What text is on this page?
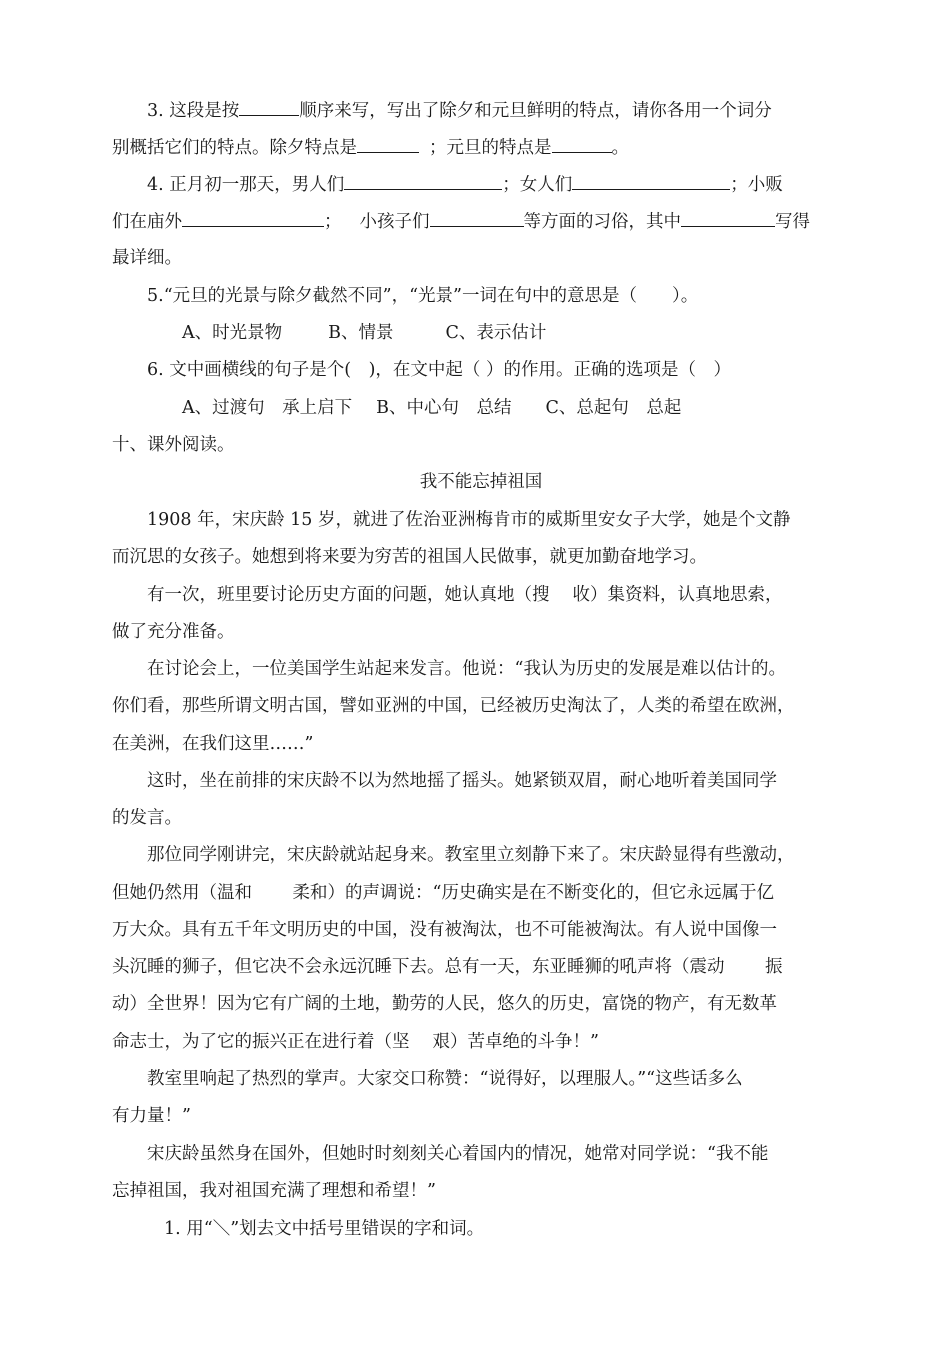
3. 这段是按	顺序来写，写出了除夕和元旦鲜明的特点，请你各用一个词分
别概括它们的特点。除夕特点是	；元旦的特点是	。
4. 正月初一那天，男人们	；女人们	；小贩
们在庙外	； 小孩子们	等方面的习俗，其中	写得
最详细。
5.“元旦的光景与除夕截然不同”，“光景”一词在句中的意思是（　　）。
A、时光景物	B、情景	C、表示估计
6. 文中画横线的句子是个(　)，在文中起（ ）的作用。正确的选项是（　）
A、过渡句　承上启下 B、中心句　总结 C、总起句　总起
十、课外阅读。
我不能忘掉祖国
1908 年，宋庆龄 15 岁，就进了佐治亚洲梅肯市的威斯里安女子大学，她是个文静
而沉思的女孩子。她想到将来要为穷苦的祖国人民做事，就更加勤奋地学习。
有一次，班里要讨论历史方面的问题，她认真地（搜　 收）集资料，认真地思索，
做了充分准备。
在讨论会上，一位美国学生站起来发言。他说：“我认为历史的发展是难以估计的。
你们看，那些所谓文明古国，譬如亚洲的中国，已经被历史淘汰了，人类的希望在欧洲，
在美洲，在我们这里……”
这时，坐在前排的宋庆龄不以为然地摇了摇头。她紧锁双眉，耐心地听着美国同学
的发言。
那位同学刚讲完，宋庆龄就站起身来。教室里立刻静下来了。宋庆龄显得有些激动，
但她仍然用（温和　　 柔和）的声调说：“历史确实是在不断变化的，但它永远属于亿
万大众。具有五千年文明历史的中国，没有被淘汰，也不可能被淘汰。有人说中国像一
头沉睡的狮子，但它决不会永远沉睡下去。总有一天，东亚睡狮的吼声将（震动　　 振
动）全世界！因为它有广阔的土地，勤劳的人民，悠久的历史，富饶的物产，有无数革
命志士，为了它的振兴正在进行着（坚　 艰）苦卓绝的斗争！”
教室里响起了热烈的掌声。大家交口称赞：“说得好，以理服人。”“这些话多么
有力量！”
宋庆龄虽然身在国外，但她时时刻刻关心着国内的情况，她常对同学说：“我不能
忘掉祖国，我对祖国充满了理想和希望！”
1. 用“＼”划去文中括号里错误的字和词。
